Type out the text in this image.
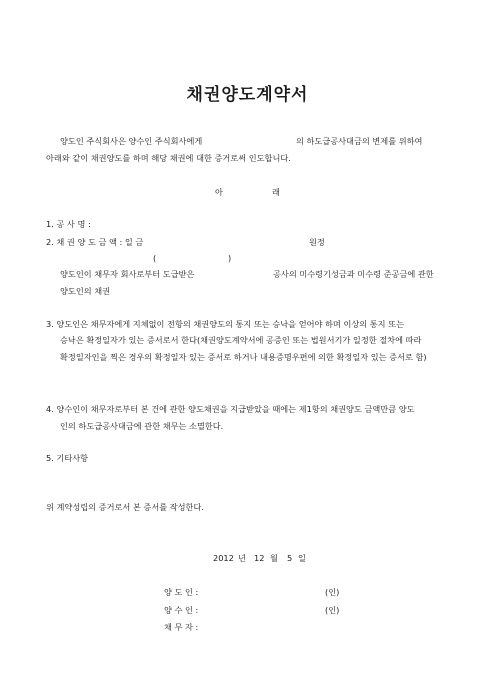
채권양도계약서
양도인 주식회사은 양수인 주식회사에게	의 하도급공사대금의 변제를 위하여
아래와 같이 채권양도를 하며 해당 채권에 대한 증거로써 인도합니다.
아	래
1. 공 사 명 :
2. 채 권 양 도 금 액 : 일 금	원정
(	)
양도인이 채무자 회사로부터 도급받은	공사의 미수령기성금과 미수령 준공금에 관한
양도인의 채권
3. 양도인은 채무자에게 지체없이 전항의 채권양도의 통지 또는 승낙을 얻어야 하며 이상의 통지 또는
승낙은 확정일자가 있는 증서로서 한다(채권양도계약서에 공증인 또는 법원서기가 일정한 절차에 따라
확정일자인을 찍은 경우의 확정일자 있는 증서로 하거나 내용증명우편에 의한 확정일자 있는 증서로 함)
4. 양수인이 채무자로부터 본 건에 관한 양도채권을 지급받았을 때에는 제1항의 채권양도 금액만큼 양도
인의 하도급공사대금에 관한 채무는 소멸한다.
5. 기타사항
위 계약성립의 증거로서 본 증서를 작성한다.
2012 년 12 월 5 일
양 도 인 :	(인)
양 수 인 :	(인)
채 무 자 :
